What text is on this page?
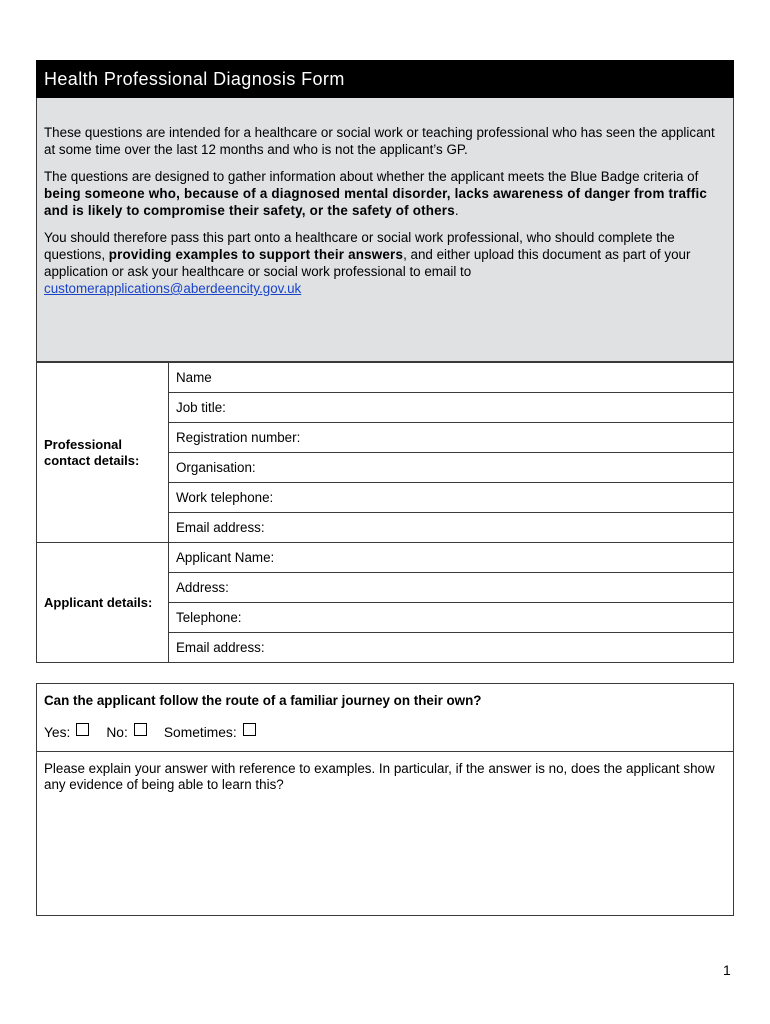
Health Professional Diagnosis Form

These questions are intended for a healthcare or social work or teaching professional who has seen the applicant at some time over the last 12 months and who is not the applicant’s GP.

The questions are designed to gather information about whether the applicant meets the Blue Badge criteria of being someone who, because of a diagnosed mental disorder, lacks awareness of danger from traffic and is likely to compromise their safety, or the safety of others.

You should therefore pass this part onto a healthcare or social work professional, who should complete the questions, providing examples to support their answers, and either upload this document as part of your application or ask your healthcare or social work professional to email to customerapplications@aberdeencity.gov.uk

Professional contact details:	Name
	Job title:
	Registration number:
	Organisation:
	Work telephone:
	Email address:
Applicant details:	Applicant Name:
	Address:
	Telephone:
	Email address:
Can the applicant follow the route of a familiar journey on their own?
Yes:	No:	Sometimes:
Please explain your answer with reference to examples. In particular, if the answer is no, does the applicant show any evidence of being able to learn this?
1
